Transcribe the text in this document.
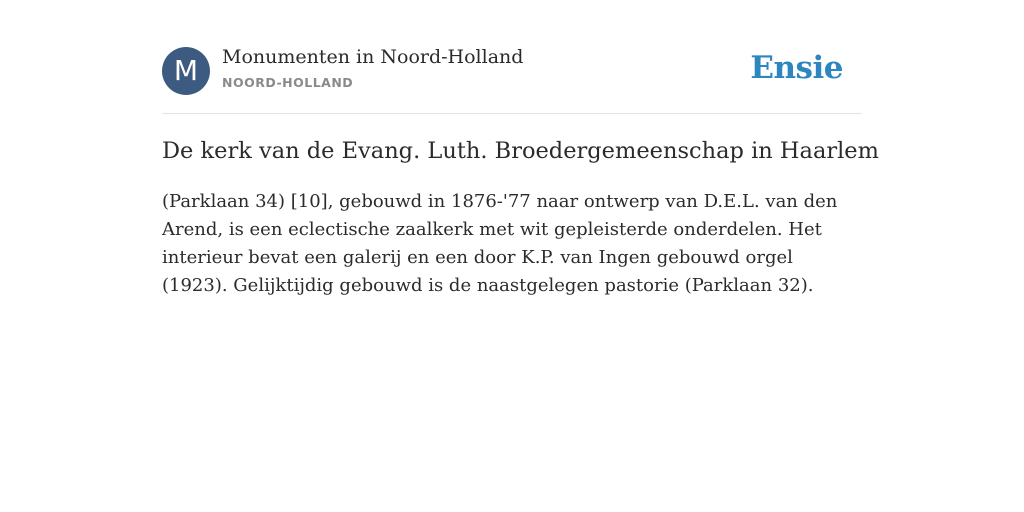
M	Monumenten in Noord-Holland
NOORD-HOLLAND	Ensie
De kerk van de Evang. Luth. Broedergemeenschap in Haarlem

(Parklaan 34) [10], gebouwd in 1876-'77 naar ontwerp van D.E.L. van den Arend, is een eclectische zaalkerk met wit gepleisterde onderdelen. Het interieur bevat een galerij en een door K.P. van Ingen gebouwd orgel (1923). Gelijktijdig gebouwd is de naastgelegen pastorie (Parklaan 32).
